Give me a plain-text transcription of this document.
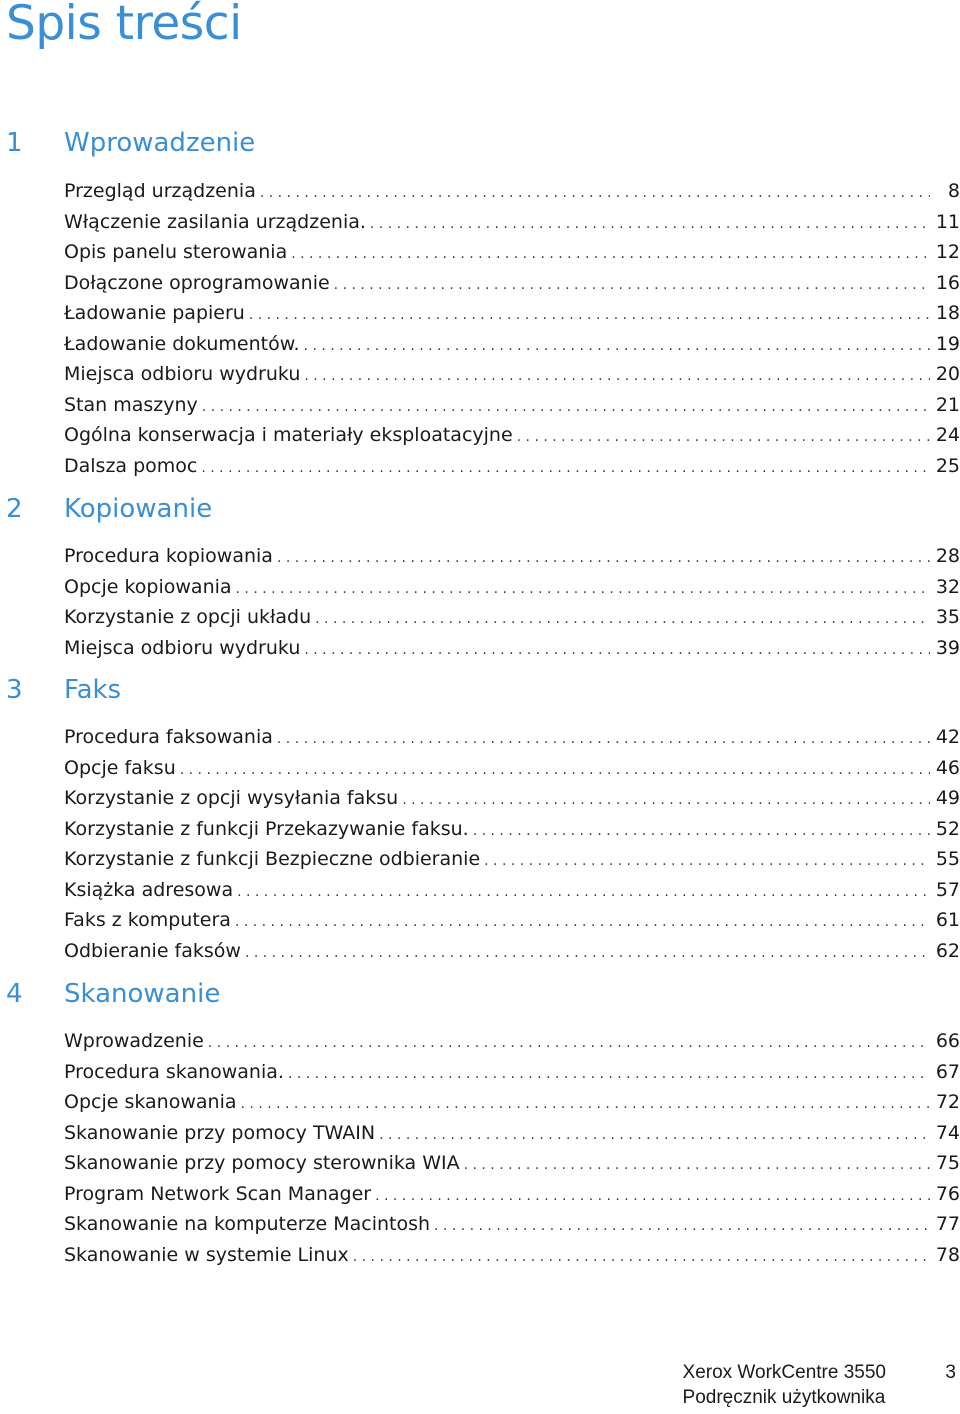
Spis treści
1 Wprowadzenie
Przegląd urządzenia . . .	8
Włączenie zasilania urządzenia. . . .	11
Opis panelu sterowania . . .	12
Dołączone oprogramowanie . . .	16
Ładowanie papieru . . .	18
Ładowanie dokumentów. . . .	19
Miejsca odbioru wydruku . . .	20
Stan maszyny . . .	21
Ogólna konserwacja i materiały eksploatacyjne . . .	24
Dalsza pomoc . . .	25
2 Kopiowanie
Procedura kopiowania . . .	28
Opcje kopiowania . . .	32
Korzystanie z opcji układu . . .	35
Miejsca odbioru wydruku . . .	39
3 Faks
Procedura faksowania . . .	42
Opcje faksu . . .	46
Korzystanie z opcji wysyłania faksu . . .	49
Korzystanie z funkcji Przekazywanie faksu. . . .	52
Korzystanie z funkcji Bezpieczne odbieranie . . .	55
Książka adresowa . . .	57
Faks z komputera . . .	61
Odbieranie faksów . . .	62
4 Skanowanie
Wprowadzenie . . .	66
Procedura skanowania. . . .	67
Opcje skanowania . . .	72
Skanowanie przy pomocy TWAIN . . .	74
Skanowanie przy pomocy sterownika WIA . . .	75
Program Network Scan Manager . . .	76
Skanowanie na komputerze Macintosh . . .	77
Skanowanie w systemie Linux . . .	78
Xerox WorkCentre 3550
Podręcznik użytkownika
3
